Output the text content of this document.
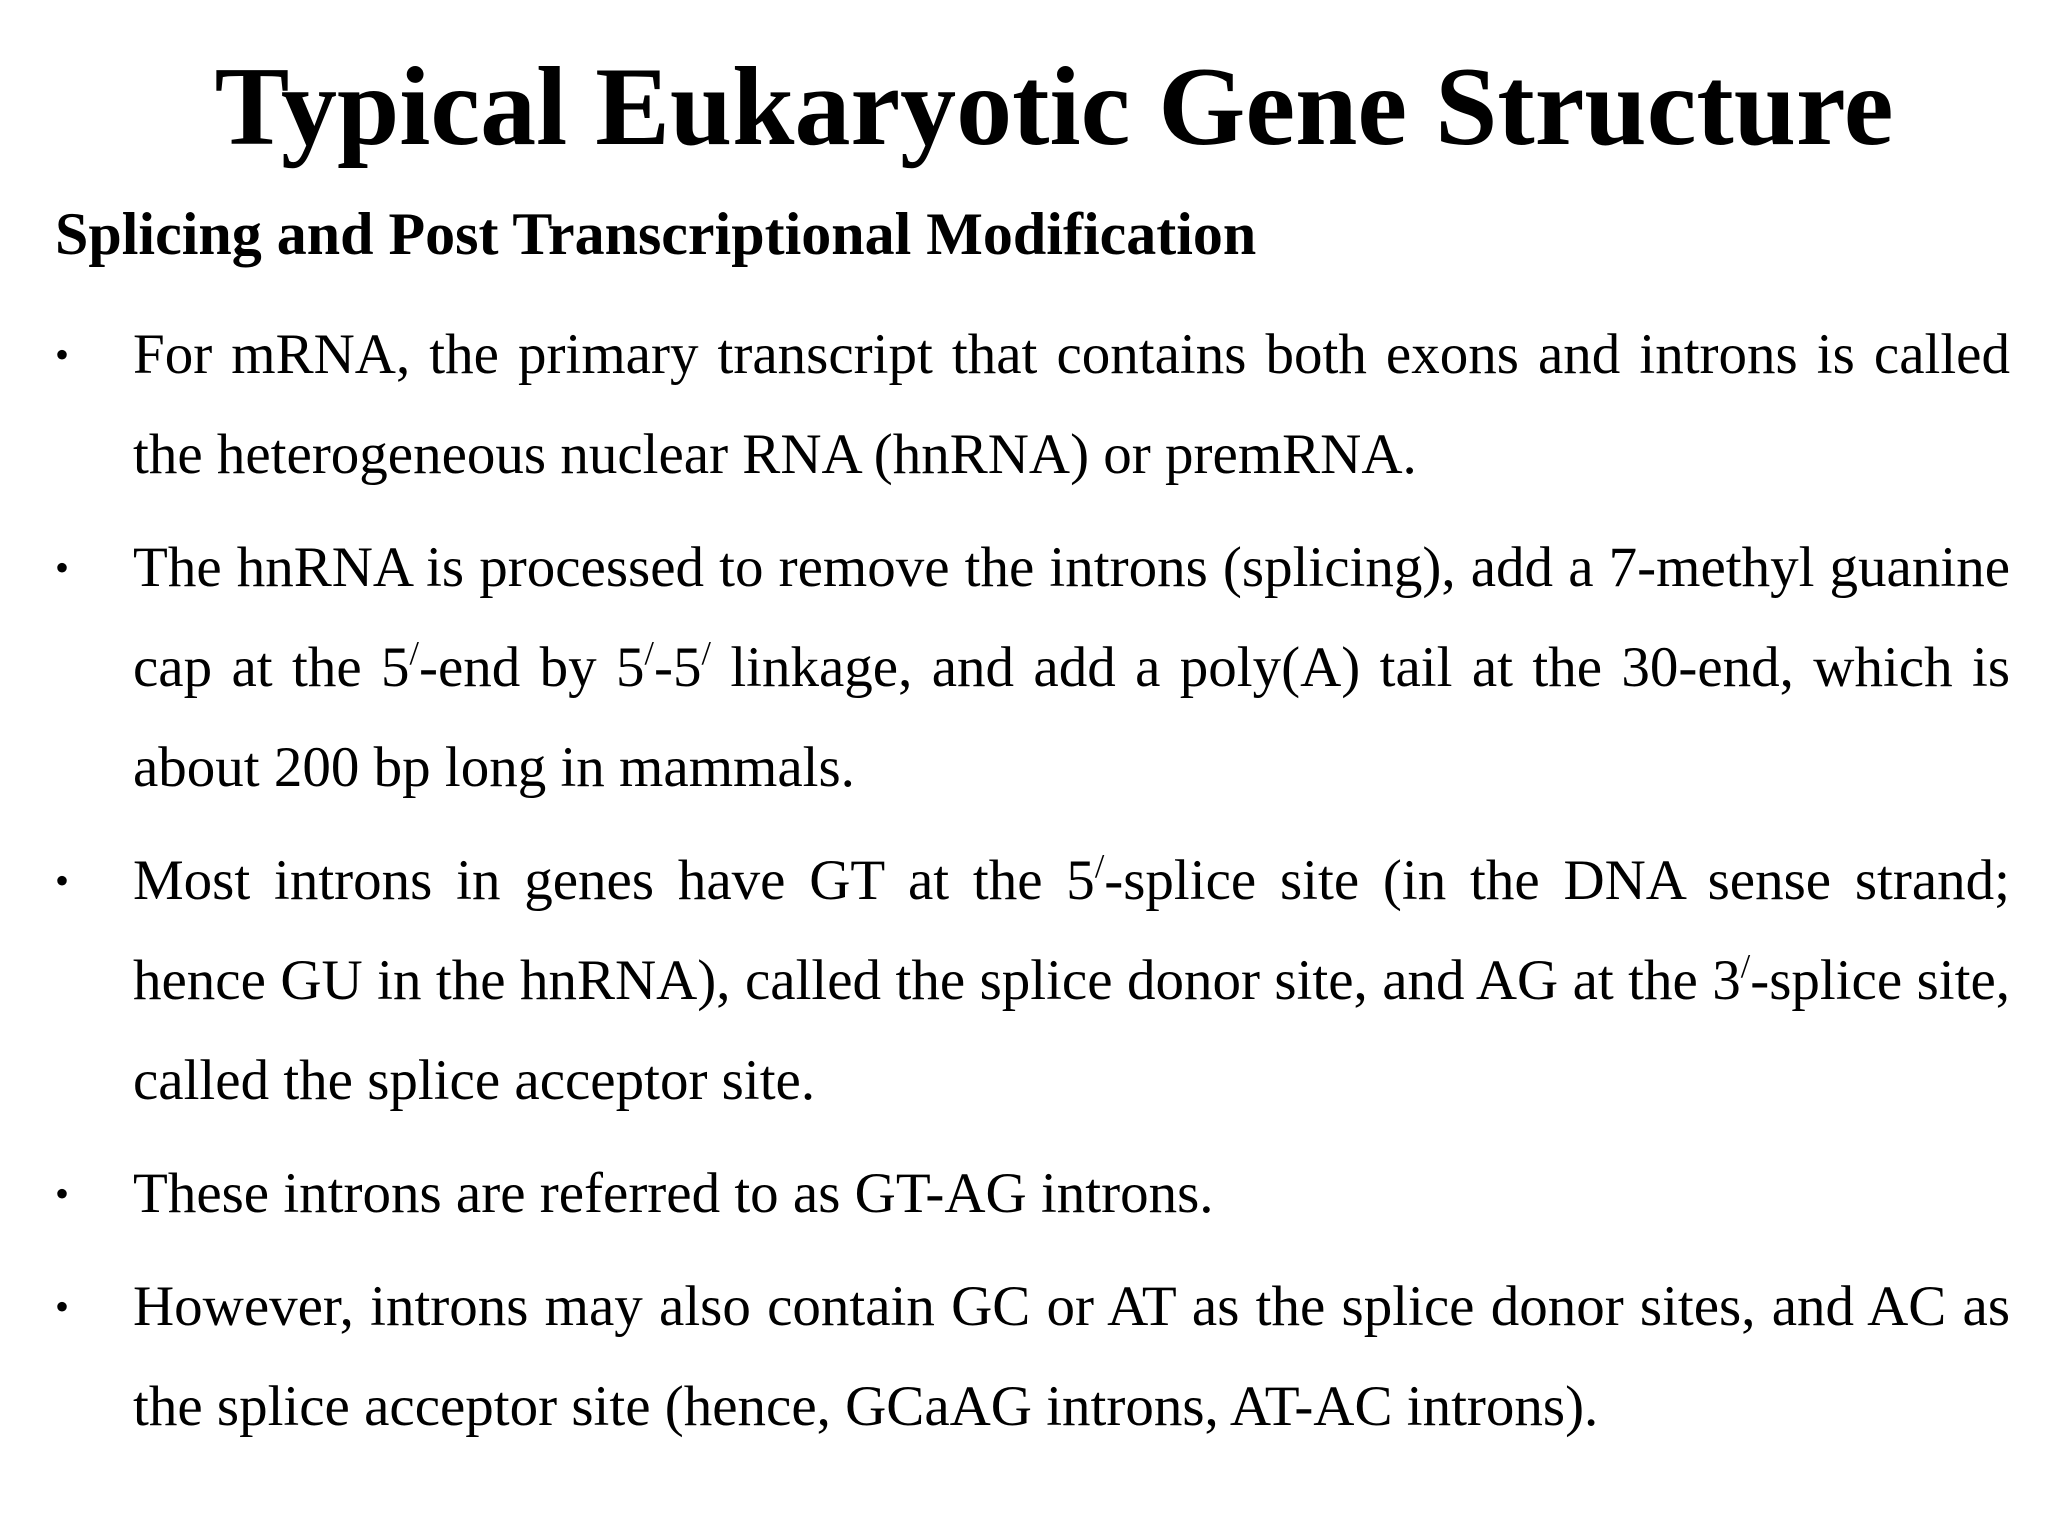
Typical Eukaryotic Gene Structure
Splicing and Post Transcriptional Modification
• For mRNA, the primary transcript that contains both exons and introns is called the heterogeneous nuclear RNA (hnRNA) or premRNA.
• The hnRNA is processed to remove the introns (splicing), add a 7-methyl guanine cap at the 5/-end by 5/-5/ linkage, and add a poly(A) tail at the 30-end, which is about 200 bp long in mammals.
• Most introns in genes have GT at the 5/-splice site (in the DNA sense strand; hence GU in the hnRNA), called the splice donor site, and AG at the 3/-splice site, called the splice acceptor site.
• These introns are referred to as GT-AG introns.
• However, introns may also contain GC or AT as the splice donor sites, and AC as the splice acceptor site (hence, GCaAG introns, AT-AC introns).
